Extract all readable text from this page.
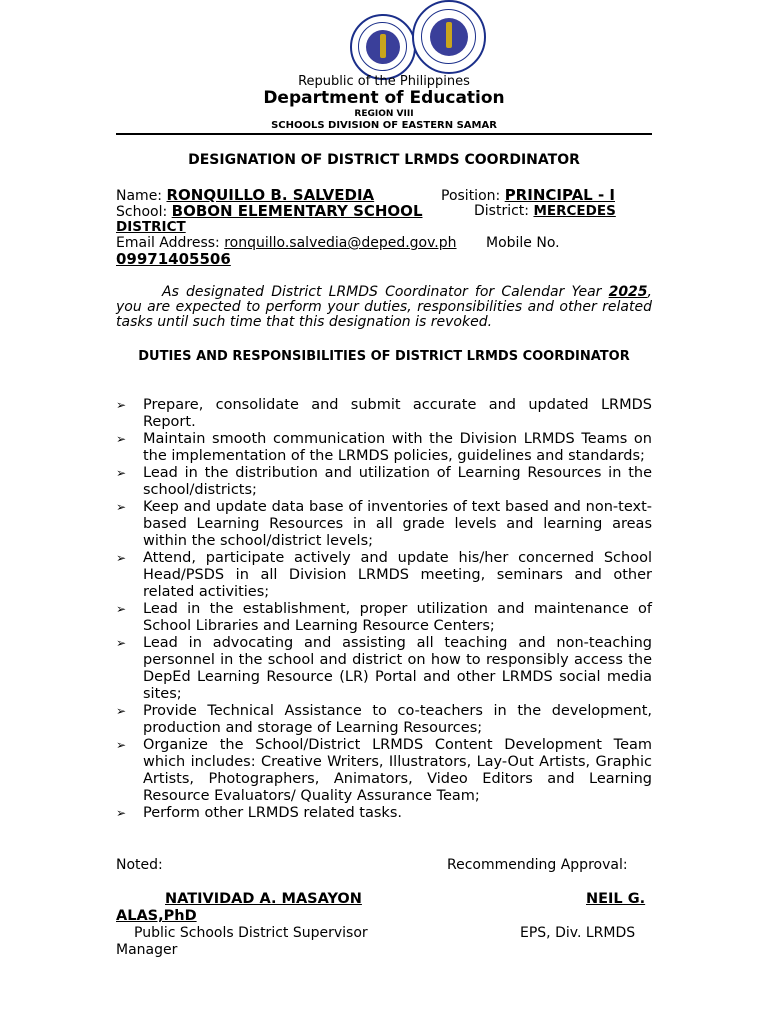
Republic of the Philippines
Department of Education
REGION VIII
SCHOOLS DIVISION OF EASTERN SAMAR
DESIGNATION OF DISTRICT LRMDS COORDINATOR
Name: RONQUILLO B. SALVEDIA	Position: PRINCIPAL - I
School: BOBON ELEMENTARY SCHOOL	District: MERCEDES
DISTRICT
Email Address: ronquillo.salvedia@deped.gov.ph Mobile No.
09971405506
As designated District LRMDS Coordinator for Calendar Year 2025, you are expected to perform your duties, responsibilities and other related tasks until such time that this designation is revoked.
DUTIES AND RESPONSIBILITIES OF DISTRICT LRMDS COORDINATOR
➢ Prepare, consolidate and submit accurate and updated LRMDS Report.
➢ Maintain smooth communication with the Division LRMDS Teams on the implementation of the LRMDS policies, guidelines and standards;
➢ Lead in the distribution and utilization of Learning Resources in the school/districts;
➢ Keep and update data base of inventories of text based and non-text-based Learning Resources in all grade levels and learning areas within the school/district levels;
➢ Attend, participate actively and update his/her concerned School Head/PSDS in all Division LRMDS meeting, seminars and other related activities;
➢ Lead in the establishment, proper utilization and maintenance of School Libraries and Learning Resource Centers;
➢ Lead in advocating and assisting all teaching and non-teaching personnel in the school and district on how to responsibly access the DepEd Learning Resource (LR) Portal and other LRMDS social media sites;
➢ Provide Technical Assistance to co-teachers in the development, production and storage of Learning Resources;
➢ Organize the School/District LRMDS Content Development Team which includes: Creative Writers, Illustrators, Lay-Out Artists, Graphic Artists, Photographers, Animators, Video Editors and Learning Resource Evaluators/ Quality Assurance Team;
➢ Perform other LRMDS related tasks.
Noted:	Recommending Approval:
NATIVIDAD A. MASAYON	NEIL G.
ALAS,PhD
Public Schools District Supervisor	EPS, Div. LRMDS
Manager
